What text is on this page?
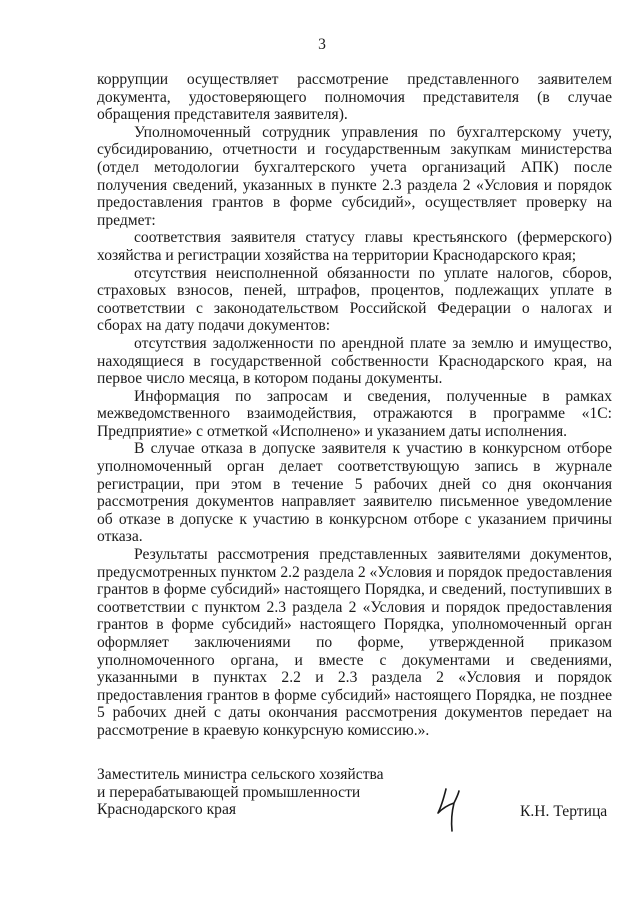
3

коррупции осуществляет рассмотрение представленного заявителем документа, удостоверяющего полномочия представителя (в случае обращения представителя заявителя).

Уполномоченный сотрудник управления по бухгалтерскому учету, субсидированию, отчетности и государственным закупкам министерства (отдел методологии бухгалтерского учета организаций АПК) после получения сведений, указанных в пункте 2.3 раздела 2 «Условия и порядок предоставления грантов в форме субсидий», осуществляет проверку на предмет:

соответствия заявителя статусу главы крестьянского (фермерского) хозяйства и регистрации хозяйства на территории Краснодарского края;

отсутствия неисполненной обязанности по уплате налогов, сборов, страховых взносов, пеней, штрафов, процентов, подлежащих уплате в соответствии с законодательством Российской Федерации о налогах и сборах на дату подачи документов:

отсутствия задолженности по арендной плате за землю и имущество, находящиеся в государственной собственности Краснодарского края, на первое число месяца, в котором поданы документы.

Информация по запросам и сведения, полученные в рамках межведомственного взаимодействия, отражаются в программе «1С: Предприятие» с отметкой «Исполнено» и указанием даты исполнения.

В случае отказа в допуске заявителя к участию в конкурсном отборе уполномоченный орган делает соответствующую запись в журнале регистрации, при этом в течение 5 рабочих дней со дня окончания рассмотрения документов направляет заявителю письменное уведомление об отказе в допуске к участию в конкурсном отборе с указанием причины отказа.

Результаты рассмотрения представленных заявителями документов, предусмотренных пунктом 2.2 раздела 2 «Условия и порядок предоставления грантов в форме субсидий» настоящего Порядка, и сведений, поступивших в соответствии с пунктом 2.3 раздела 2 «Условия и порядок предоставления грантов в форме субсидий» настоящего Порядка, уполномоченный орган оформляет заключениями по форме, утвержденной приказом уполномоченного органа, и вместе с документами и сведениями, указанными в пунктах 2.2 и 2.3 раздела 2 «Условия и порядок предоставления грантов в форме субсидий» настоящего Порядка, не позднее 5 рабочих дней с даты окончания рассмотрения документов передает на рассмотрение в краевую конкурсную комиссию.».

Заместитель министра сельского хозяйства
и перерабатывающей промышленности
Краснодарского края	К.Н. Тертица
